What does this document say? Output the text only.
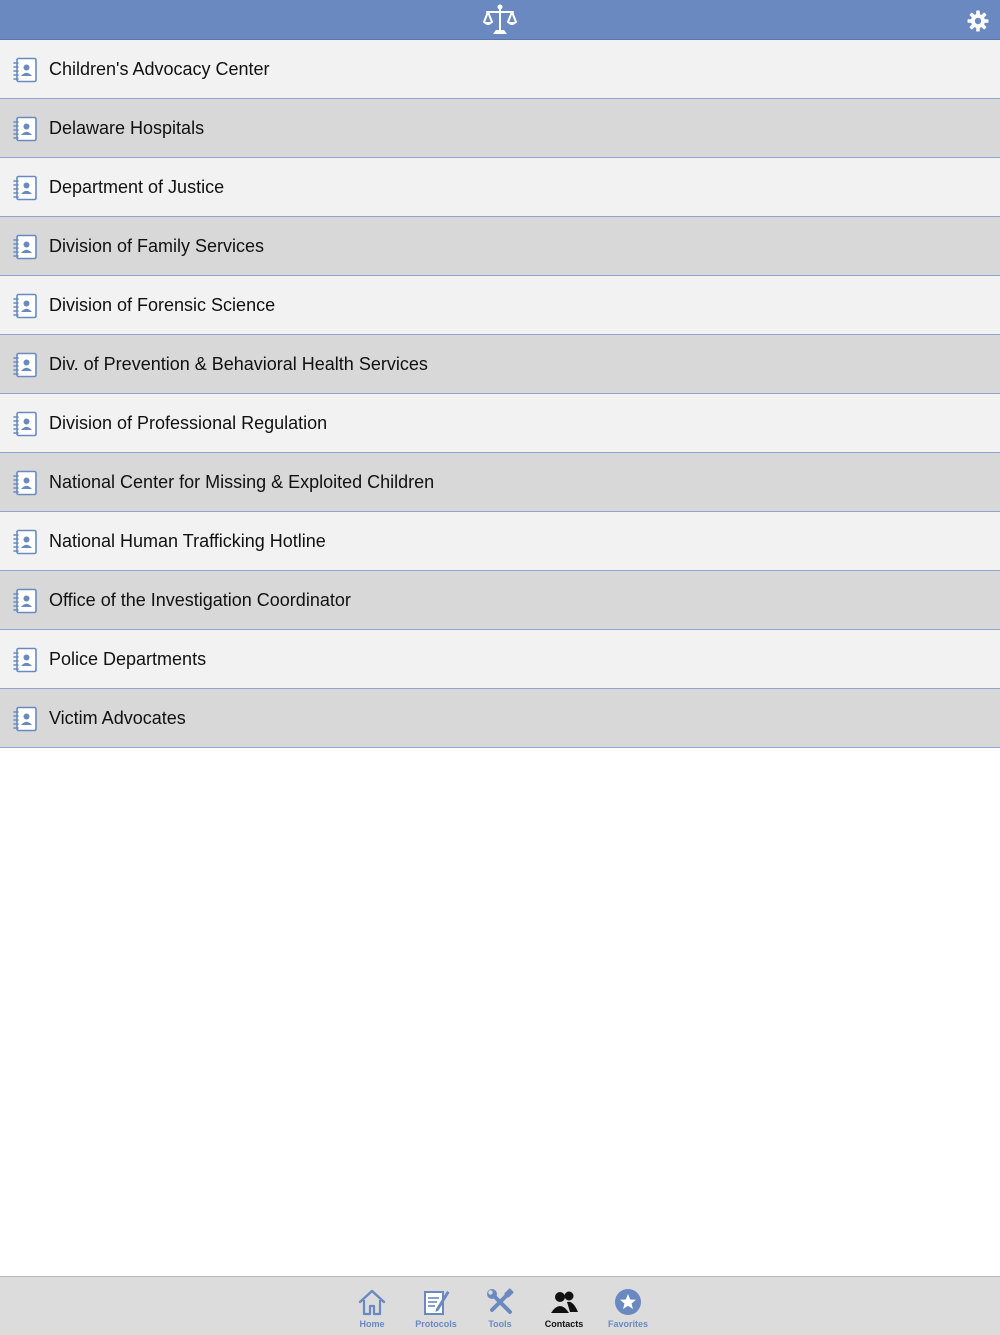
Children's Advocacy Center
Delaware Hospitals
Department of Justice
Division of Family Services
Division of Forensic Science
Div. of Prevention & Behavioral Health Services
Division of Professional Regulation
National Center for Missing & Exploited Children
National Human Trafficking Hotline
Office of the Investigation Coordinator
Police Departments
Victim Advocates
Home	Protocols	Tools	Contacts	Favorites
